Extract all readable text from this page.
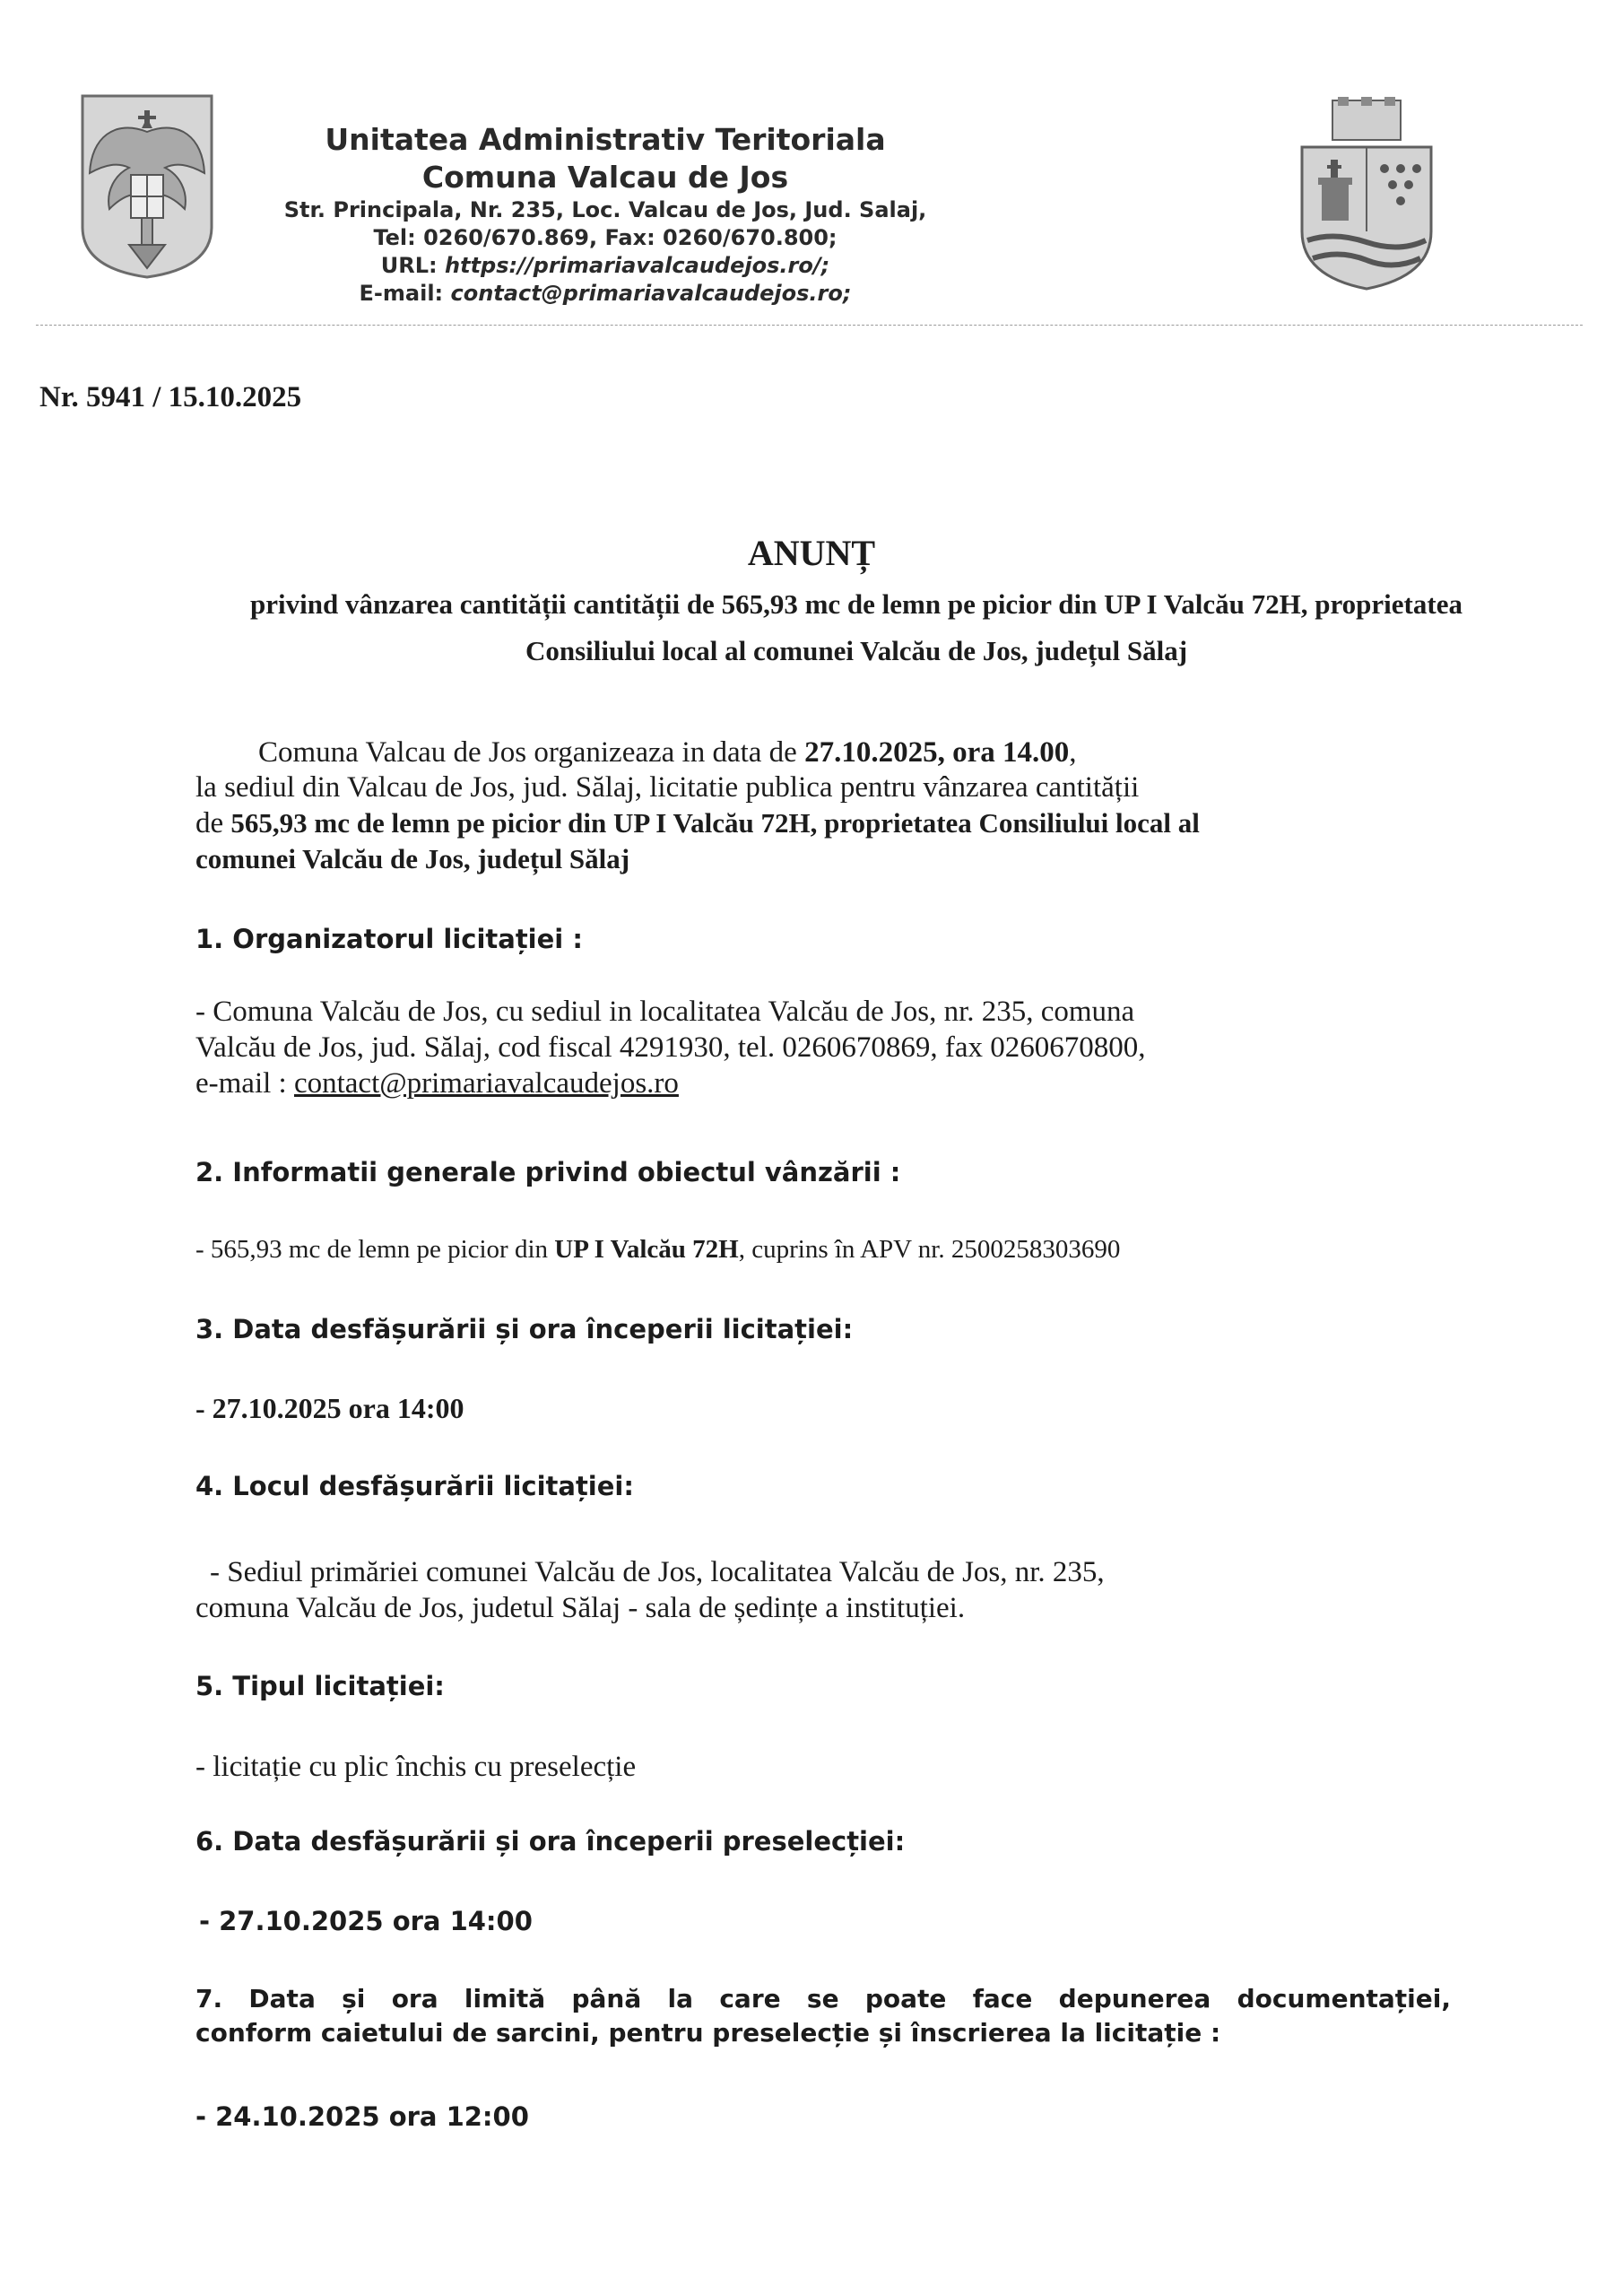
Unitatea Administrativ Teritoriala Comuna Valcau de Jos
Str. Principala, Nr. 235, Loc. Valcau de Jos, Jud. Salaj,
Tel: 0260/670.869, Fax: 0260/670.800;
URL: https://primariavalcaudejos.ro/;
E-mail: contact@primariavalcaudejos.ro;
Nr. 5941 / 15.10.2025
ANUNȚ
privind vânzarea cantității cantității de 565,93 mc de lemn pe picior din UP I Valcău 72H, proprietatea
Consiliului local al comunei Valcău de Jos, județul Sălaj
Comuna Valcau de Jos organizeaza in data de 27.10.2025, ora 14.00,
la sediul din Valcau de Jos, jud. Sălaj, licitatie publica pentru vânzarea cantității
de 565,93 mc de lemn pe picior din UP I Valcău 72H, proprietatea Consiliului local al
comunei Valcău de Jos, județul Sălaj
1. Organizatorul licitației :
- Comuna Valcău de Jos, cu sediul in localitatea Valcău de Jos, nr. 235, comuna
Valcău de Jos, jud. Sălaj, cod fiscal 4291930, tel. 0260670869, fax 0260670800,
e-mail : contact@primariavalcaudejos.ro
2. Informatii generale privind obiectul vânzării :
- 565,93 mc de lemn pe picior din UP I Valcău 72H, cuprins în APV nr. 2500258303690
3. Data desfășurării și ora începerii licitației:
- 27.10.2025 ora 14:00
4. Locul desfășurării licitației:
- Sediul primăriei comunei Valcău de Jos, localitatea Valcău de Jos, nr. 235,
comuna Valcău de Jos, judetul Sălaj - sala de ședințe a instituției.
5. Tipul licitației:
- licitație cu plic închis cu preselecție
6. Data desfășurării și ora începerii preselecției:
- 27.10.2025 ora 14:00
7. Data și ora limită până la care se poate face depunerea documentației,
conform caietului de sarcini, pentru preselecție și înscrierea la licitație :
- 24.10.2025 ora 12:00
